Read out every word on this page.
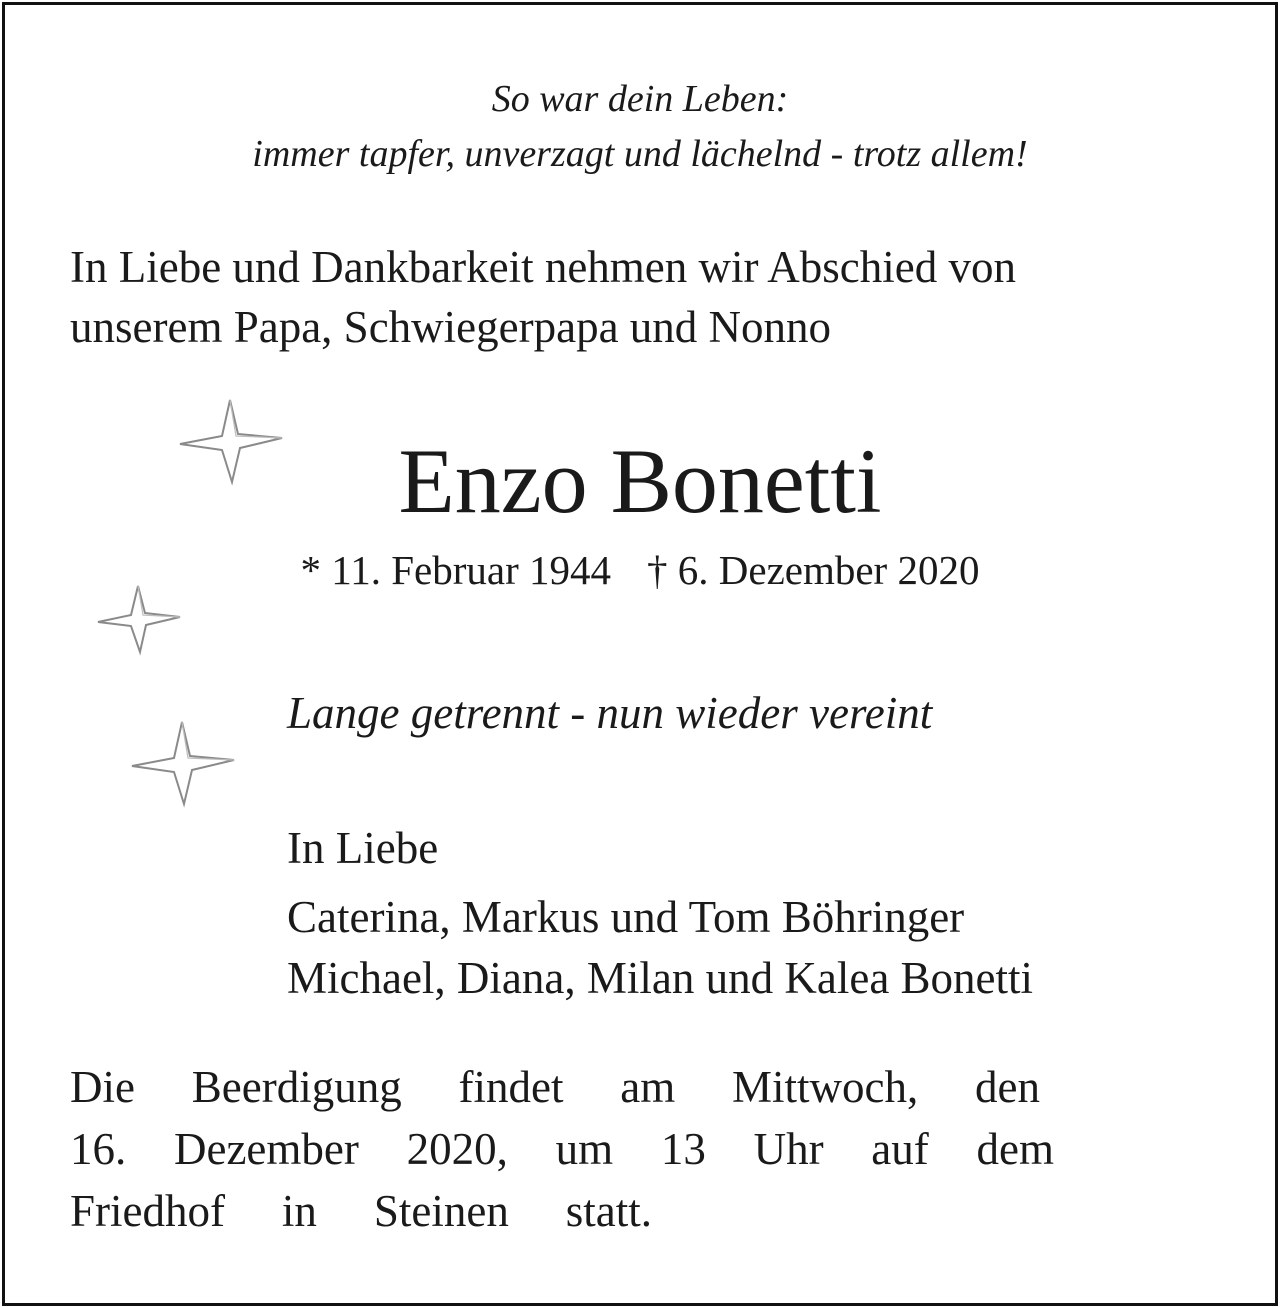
So war dein Leben:

immer tapfer, unverzagt und lächelnd - trotz allem!

In Liebe und Dankbarkeit nehmen wir Abschied von

unserem Papa, Schwiegerpapa und Nonno

Enzo Bonetti

* 11. Februar 1944 † 6. Dezember 2020

Lange getrennt - nun wieder vereint

In Liebe

Caterina, Markus und Tom Böhringer

Michael, Diana, Milan und Kalea Bonetti

Die Beerdigung findet am Mittwoch, den
16. Dezember 2020, um 13 Uhr auf dem
Friedhof in Steinen statt.
